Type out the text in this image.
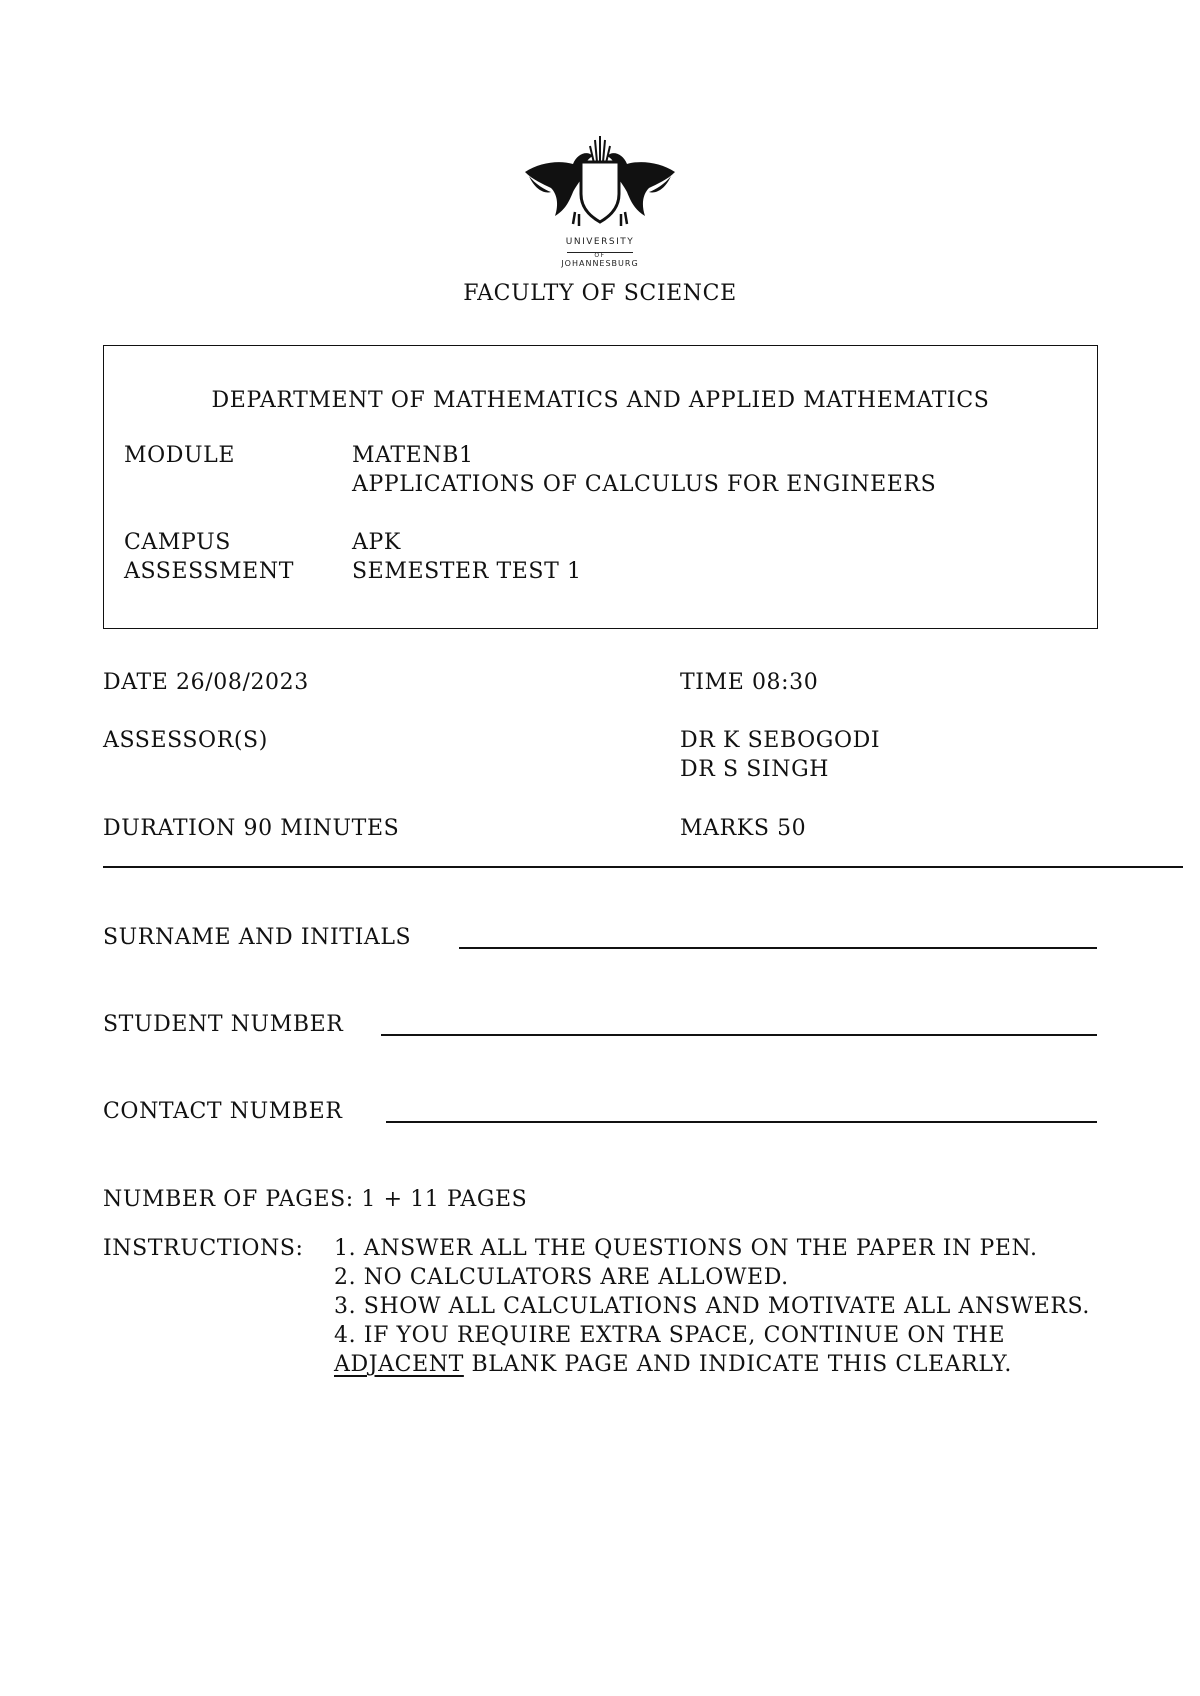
UNIVERSITY
OF
JOHANNESBURG
FACULTY OF SCIENCE
DEPARTMENT OF MATHEMATICS AND APPLIED MATHEMATICS
MODULE	MATENB1
APPLICATIONS OF CALCULUS FOR ENGINEERS
CAMPUS	APK
ASSESSMENT	SEMESTER TEST 1
DATE 26/08/2023	TIME 08:30
ASSESSOR(S)	DR K SEBOGODI
DR S SINGH
DURATION 90 MINUTES	MARKS 50
SURNAME AND INITIALS
STUDENT NUMBER
CONTACT NUMBER
NUMBER OF PAGES: 1 + 11 PAGES
INSTRUCTIONS: 1. ANSWER ALL THE QUESTIONS ON THE PAPER IN PEN.
2. NO CALCULATORS ARE ALLOWED.
3. SHOW ALL CALCULATIONS AND MOTIVATE ALL ANSWERS.
4. IF YOU REQUIRE EXTRA SPACE, CONTINUE ON THE
ADJACENT BLANK PAGE AND INDICATE THIS CLEARLY.
